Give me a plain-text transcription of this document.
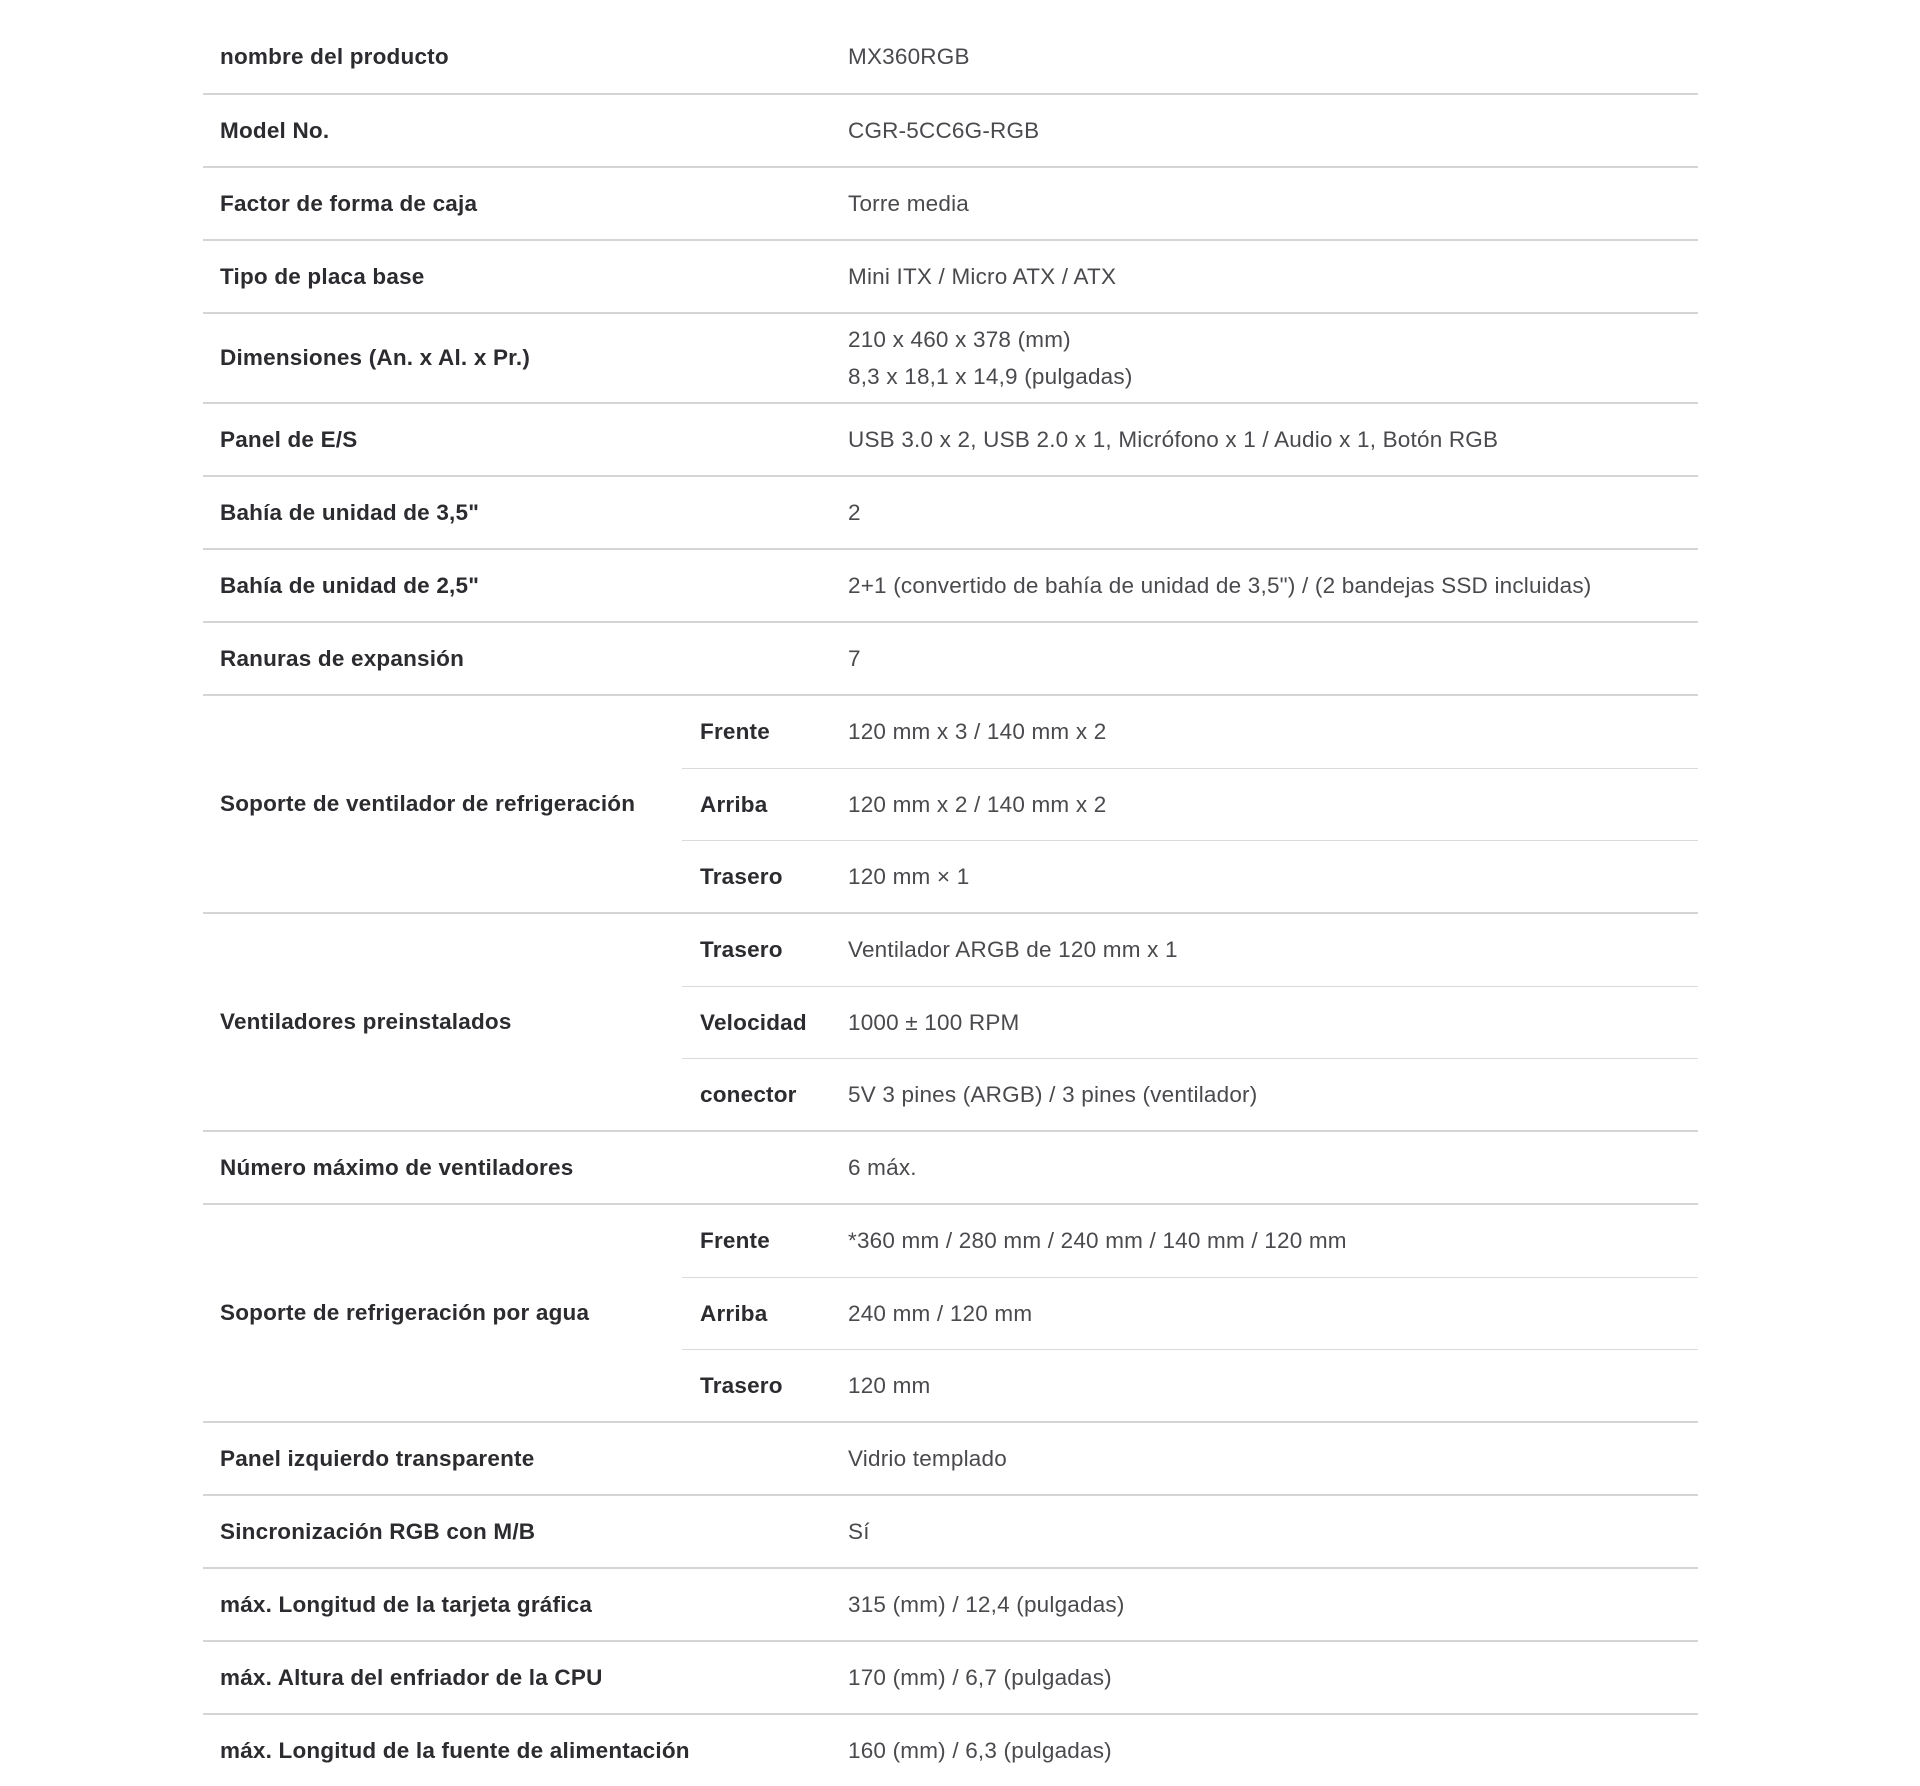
nombre del producto	MX360RGB
Model No.	CGR-5CC6G-RGB
Factor de forma de caja	Torre media
Tipo de placa base	Mini ITX / Micro ATX / ATX
Dimensiones (An. x Al. x Pr.)
210 x 460 x 378 (mm)
8,3 x 18,1 x 14,9 (pulgadas)
Panel de E/S	USB 3.0 x 2, USB 2.0 x 1, Micrófono x 1 / Audio x 1, Botón RGB
Bahía de unidad de 3,5"	2
Bahía de unidad de 2,5"	2+1 (convertido de bahía de unidad de 3,5") / (2 bandejas SSD incluidas)
Ranuras de expansión	7
Soporte de ventilador de refrigeración
Frente	120 mm x 3 / 140 mm x 2
Arriba	120 mm x 2 / 140 mm x 2
Trasero	120 mm × 1
Ventiladores preinstalados
Trasero	Ventilador ARGB de 120 mm x 1
Velocidad	1000 ± 100 RPM
conector	5V 3 pines (ARGB) / 3 pines (ventilador)
Número máximo de ventiladores	6 máx.
Soporte de refrigeración por agua
Frente	*360 mm / 280 mm / 240 mm / 140 mm / 120 mm
Arriba	240 mm / 120 mm
Trasero	120 mm
Panel izquierdo transparente	Vidrio templado
Sincronización RGB con M/B	Sí
máx. Longitud de la tarjeta gráfica	315 (mm) / 12,4 (pulgadas)
máx. Altura del enfriador de la CPU	170 (mm) / 6,7 (pulgadas)
máx. Longitud de la fuente de alimentación	160 (mm) / 6,3 (pulgadas)
